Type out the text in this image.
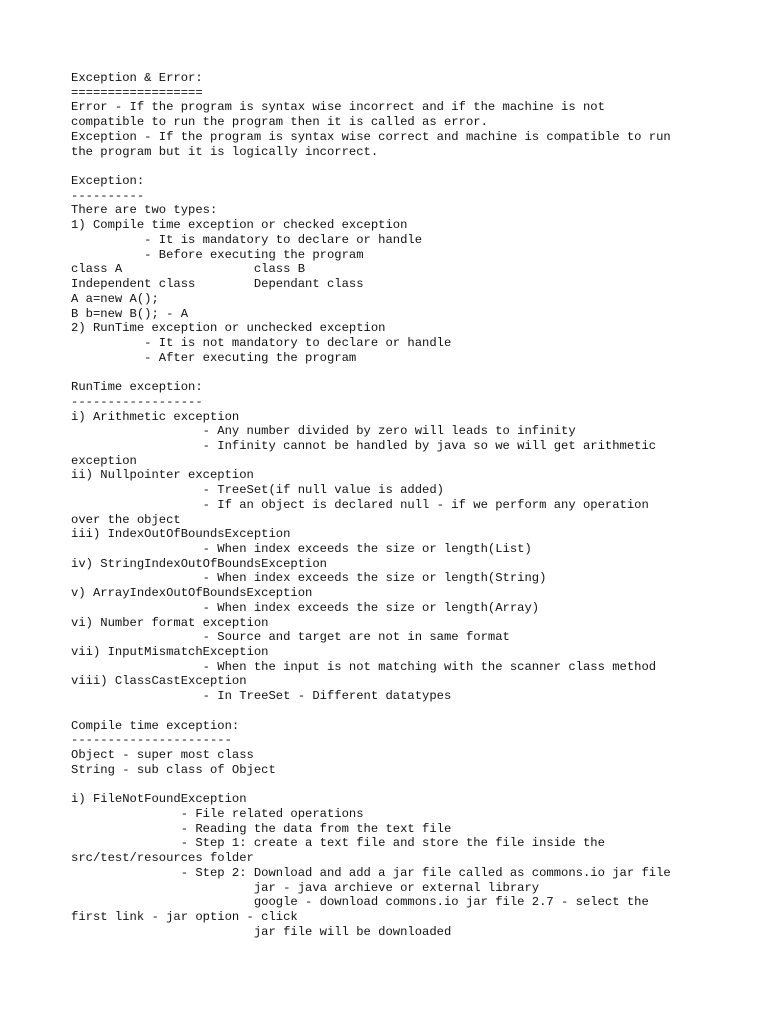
Exception & Error:
==================
Error - If the program is syntax wise incorrect and if the machine is not
compatible to run the program then it is called as error.
Exception - If the program is syntax wise correct and machine is compatible to run
the program but it is logically incorrect.
Exception:
----------
There are two types:
1) Compile time exception or checked exception
- It is mandatory to declare or handle
- Before executing the program
class A                  class B
Independent class        Dependant class
A a=new A();
B b=new B(); - A
2) RunTime exception or unchecked exception
- It is not mandatory to declare or handle
- After executing the program
RunTime exception:
------------------
i) Arithmetic exception
- Any number divided by zero will leads to infinity
- Infinity cannot be handled by java so we will get arithmetic
exception
ii) Nullpointer exception
- TreeSet(if null value is added)
- If an object is declared null - if we perform any operation
over the object
iii) IndexOutOfBoundsException
- When index exceeds the size or length(List)
iv) StringIndexOutOfBoundsException
- When index exceeds the size or length(String)
v) ArrayIndexOutOfBoundsException
- When index exceeds the size or length(Array)
vi) Number format exception
- Source and target are not in same format
vii) InputMismatchException
- When the input is not matching with the scanner class method
viii) ClassCastException
- In TreeSet - Different datatypes
Compile time exception:
----------------------
Object - super most class
String - sub class of Object
i) FileNotFoundException
- File related operations
- Reading the data from the text file
- Step 1: create a text file and store the file inside the
src/test/resources folder
- Step 2: Download and add a jar file called as commons.io jar file
jar - java archieve or external library
google - download commons.io jar file 2.7 - select the
first link - jar option - click
jar file will be downloaded
